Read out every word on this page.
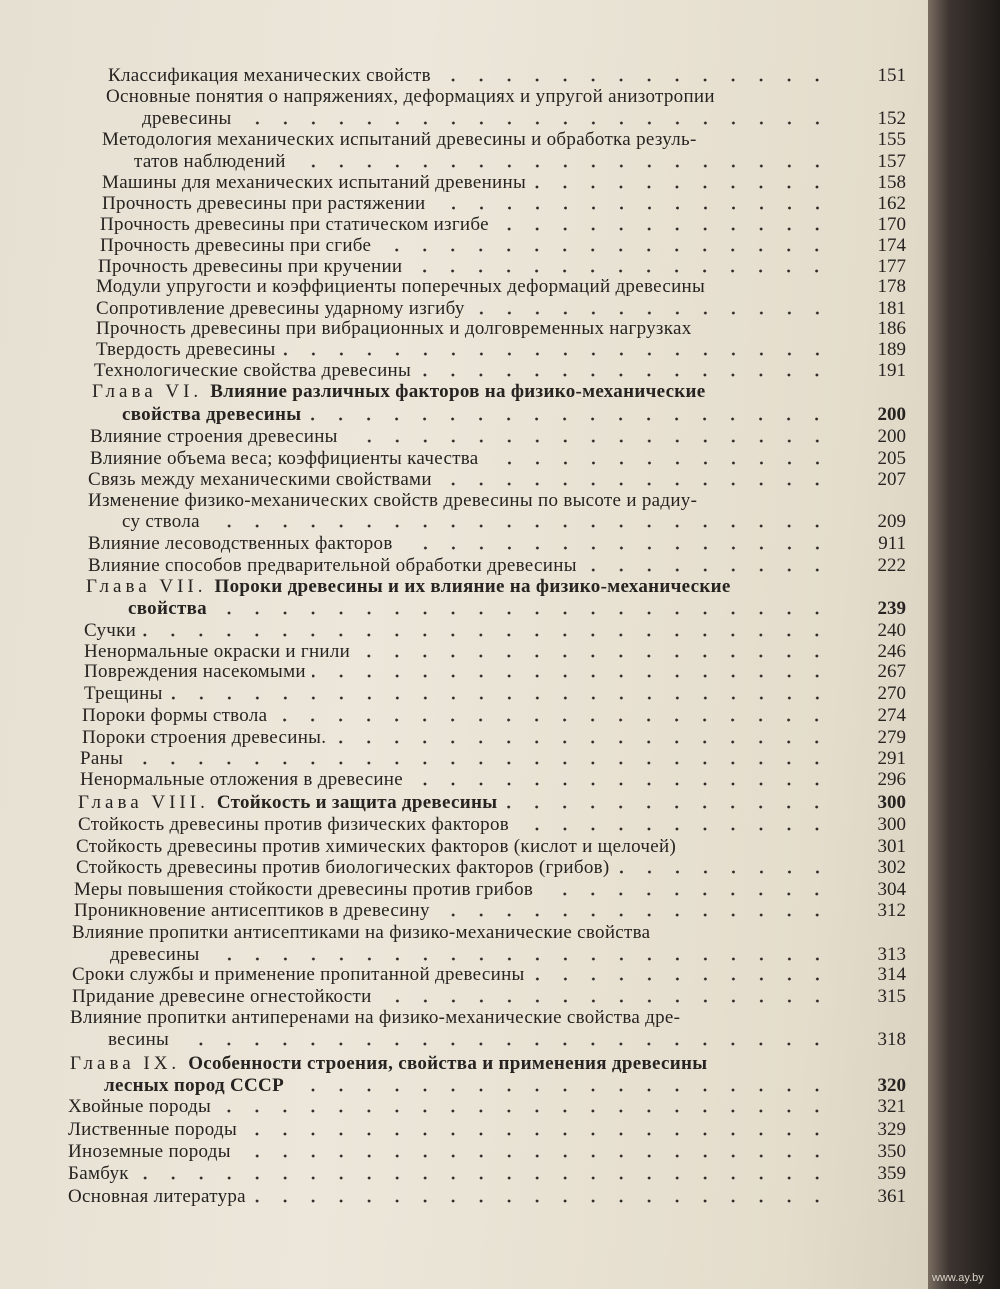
Классификация механических свойств	151
Основные понятия о напряжениях, деформациях и упругой анизотропии
древесины	152
Методология механических испытаний древесины и обработка резуль-	155
татов наблюдений	157
Машины для механических испытаний древенины	158
Прочность древесины при растяжении	162
Прочность древесины при статическом изгибе	170
Прочность древесины при сгибе	174
Прочность древесины при кручении	177
Модули упругости и коэффициенты поперечных деформаций древесины	178
Сопротивление древесины ударному изгибу	181
Прочность древесины при вибрационных и долговременных нагрузках	186
Твердость древесины	189
Технологические свойства древесины	191
Глава VI. Влияние различных факторов на физико-механические
свойства древесины	200
Влияние строения древесины	200
Влияние объема веса; коэффициенты качества	205
Связь между механическими свойствами	207
Изменение физико-механических свойств древесины по высоте и радиу-
су ствола	209
Влияние лесоводственных факторов	911
Влияние способов предварительной обработки древесины	222
Глава VII. Пороки древесины и их влияние на физико-механические
свойства	239
Сучки	240
Ненормальные окраски и гнили	246
Повреждения насекомыми	267
Трещины	270
Пороки формы ствола	274
Пороки строения древесины.	279
Раны	291
Ненормальные отложения в древесине	296
Глава VIII. Стойкость и защита древесины	300
Стойкость древесины против физических факторов	300
Стойкость древесины против химических факторов (кислот и щелочей)	301
Стойкость древесины против биологических факторов (грибов)	302
Меры повышения стойкости древесины против грибов	304
Проникновение антисептиков в древесину	312
Влияние пропитки антисептиками на физико-механические свойства
древесины	313
Сроки службы и применение пропитанной древесины	314
Придание древесине огнестойкости	315
Влияние пропитки антиперенами на физико-механические свойства дре-
весины	318
Глава IX. Особенности строения, свойства и применения древесины
лесных пород СССР	320
Хвойные породы	321
Лиственные породы	329
Иноземные породы	350
Бамбук	359
Основная литература	361
www.ay.by
